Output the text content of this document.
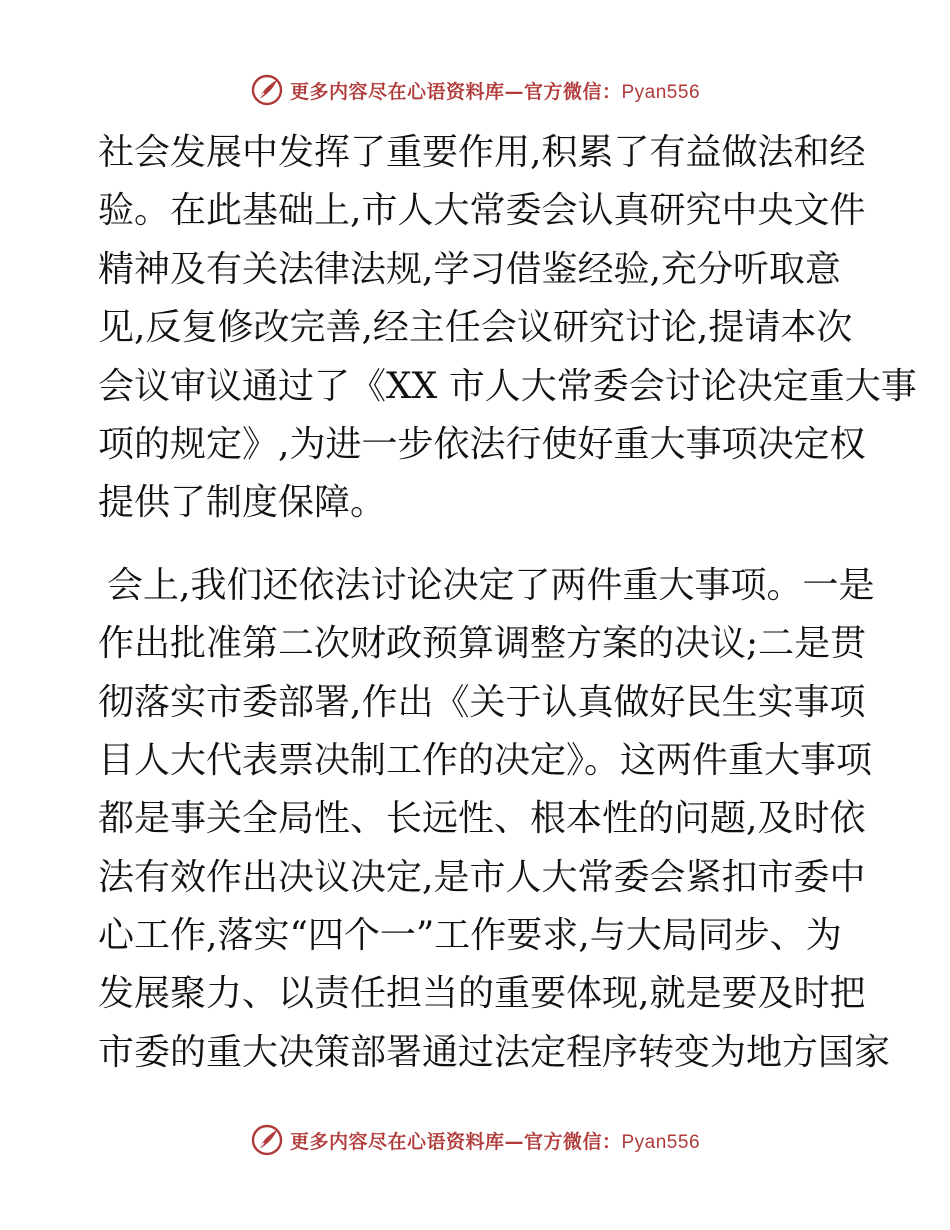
更多内容尽在心语资料库—官方微信：Pyan556
社会发展中发挥了重要作用,积累了有益做法和经
验。在此基础上,市人大常委会认真研究中央文件
精神及有关法律法规,学习借鉴经验,充分听取意
见,反复修改完善,经主任会议研究讨论,提请本次
会议审议通过了《XX 市人大常委会讨论决定重大事
项的规定》,为进一步依法行使好重大事项决定权
提供了制度保障。
会上,我们还依法讨论决定了两件重大事项。一是
作出批准第二次财政预算调整方案的决议;二是贯
彻落实市委部署,作出《关于认真做好民生实事项
目人大代表票决制工作的决定》。这两件重大事项
都是事关全局性、长远性、根本性的问题,及时依
法有效作出决议决定,是市人大常委会紧扣市委中
心工作,落实“四个一”工作要求,与大局同步、为
发展聚力、以责任担当的重要体现,就是要及时把
市委的重大决策部署通过法定程序转变为地方国家
更多内容尽在心语资料库—官方微信：Pyan556
